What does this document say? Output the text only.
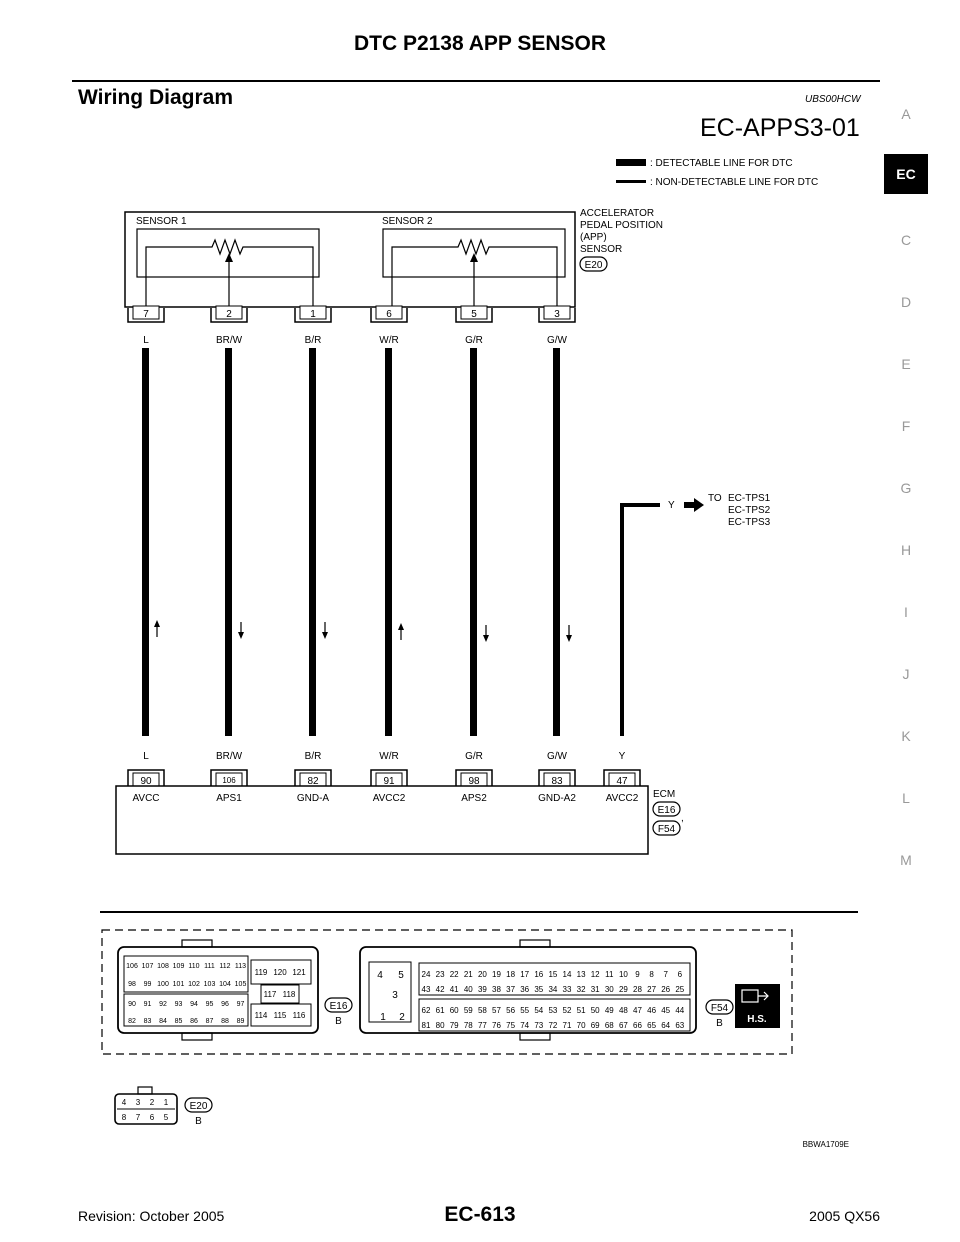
DTC P2138 APP SENSOR
Wiring Diagram	UBS00HCW
EC-APPS3-01	A
EC
C
D
E
F
G
H
I
J
K
L
M
: DETECTABLE LINE FOR DTC
: NON-DETECTABLE LINE FOR DTC
SENSOR 1	SENSOR 2
ACCELERATOR
PEDAL POSITION
(APP)
SENSOR
E20
7	2	1	6	5	3
L	BR/W	B/R	W/R	G/R	G/W
Y
TO EC-TPS1
EC-TPS2
EC-TPS3
L	BR/W	B/R	W/R	G/R	G/W	Y
90	106	82	91	98	83	47
AVCC	APS1	GND-A	AVCC2	APS2	GND-A2	AVCC2 ECM
E16
,
F54
106 107 108 109 110 111 112 113
98 99 100 101 102 103 104 105
90 91 92 93 94 95 96 97
82 83 84 85 86 87 88 89
119 120 121
117 118
114 115 116
E16
B
4 5
3
1 2
24 23 22 21 20 19 18 17 16 15 14 13 12 11 10 9 8 7 6
43 42 41 40 39 38 37 36 35 34 33 32 31 30 29 28 27 26 25
62 61 60 59 58 57 56 55 54 53 52 51 50 49 48 47 46 45 44
81 80 79 78 77 76 75 74 73 72 71 70 69 68 67 66 65 64 63
F54
B H.S.
4 3 2 1
8 7 6 5
E20
B
BBWA1709E
Revision: October 2005	EC-613	2005 QX56
